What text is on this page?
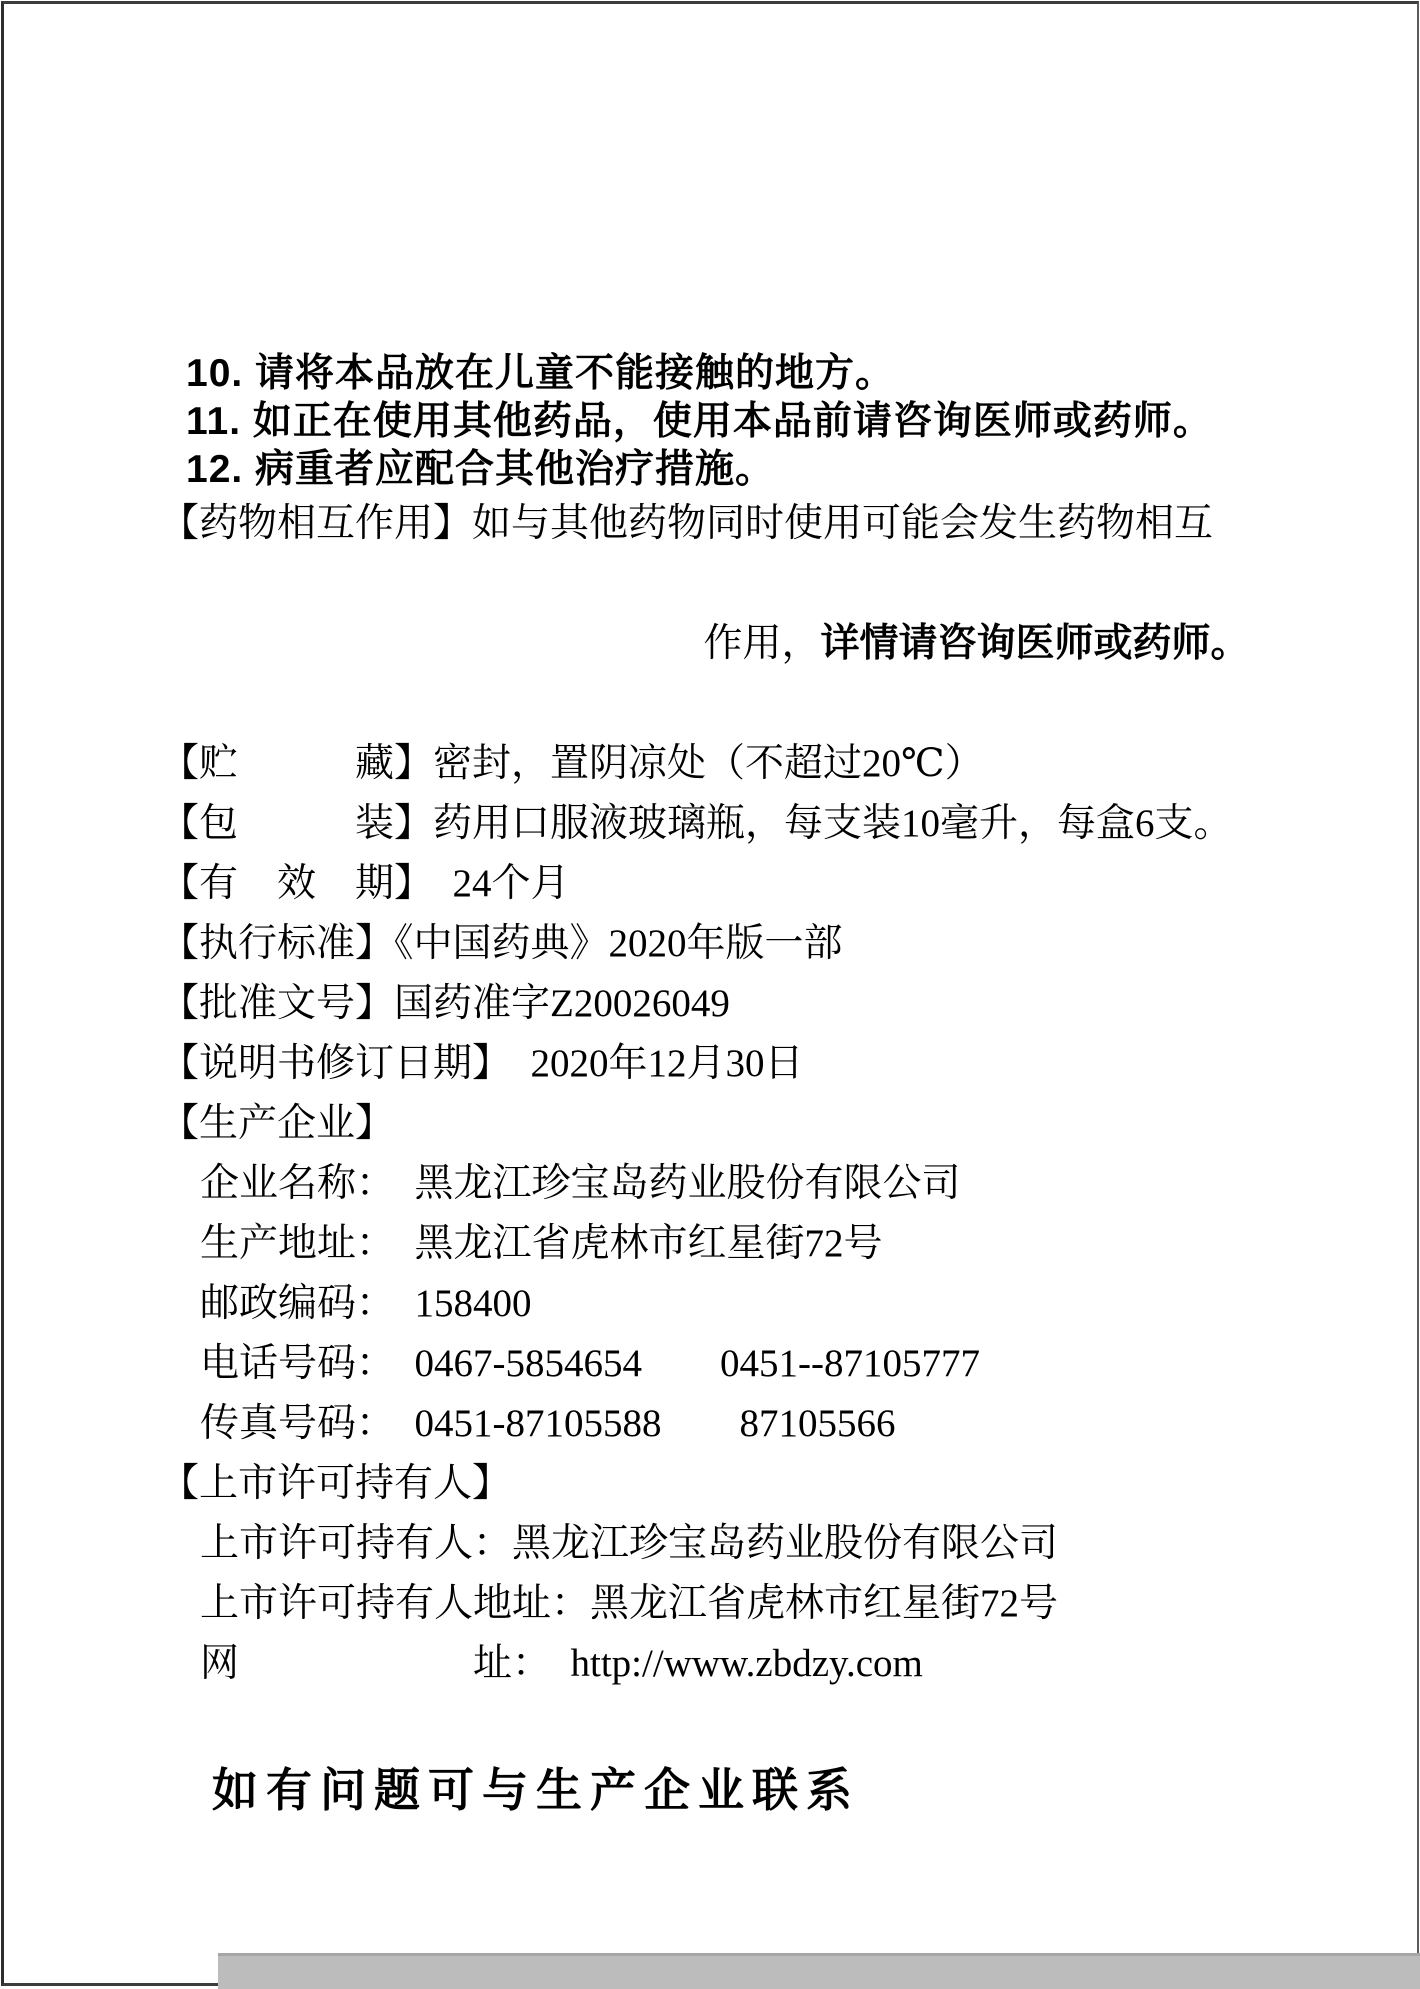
10. 请将本品放在儿童不能接触的地方。
11. 如正在使用其他药品，使用本品前请咨询医师或药师。
12. 病重者应配合其他治疗措施。
【药物相互作用】如与其他药物同时使用可能会发生药物相互

作用，详情请咨询医师或药师。

【贮　　　藏】密封，置阴凉处（不超过20℃）
【包　　　装】药用口服液玻璃瓶，每支装10毫升，每盒6支。
【有　效　期】　24个月
【执行标准】《中国药典》2020年版一部
【批准文号】国药准字Z20026049
【说明书修订日期】　2020年12月30日
【生产企业】
企业名称：　黑龙江珍宝岛药业股份有限公司
生产地址：　黑龙江省虎林市红星街72号
邮政编码：　158400
电话号码：　0467-5854654　　0451--87105777
传真号码：　0451-87105588　　87105566
【上市许可持有人】
上市许可持有人：黑龙江珍宝岛药业股份有限公司
上市许可持有人地址：黑龙江省虎林市红星街72号
网　　　　　　址：　http://www.zbdzy.com
如有问题可与生产企业联系
